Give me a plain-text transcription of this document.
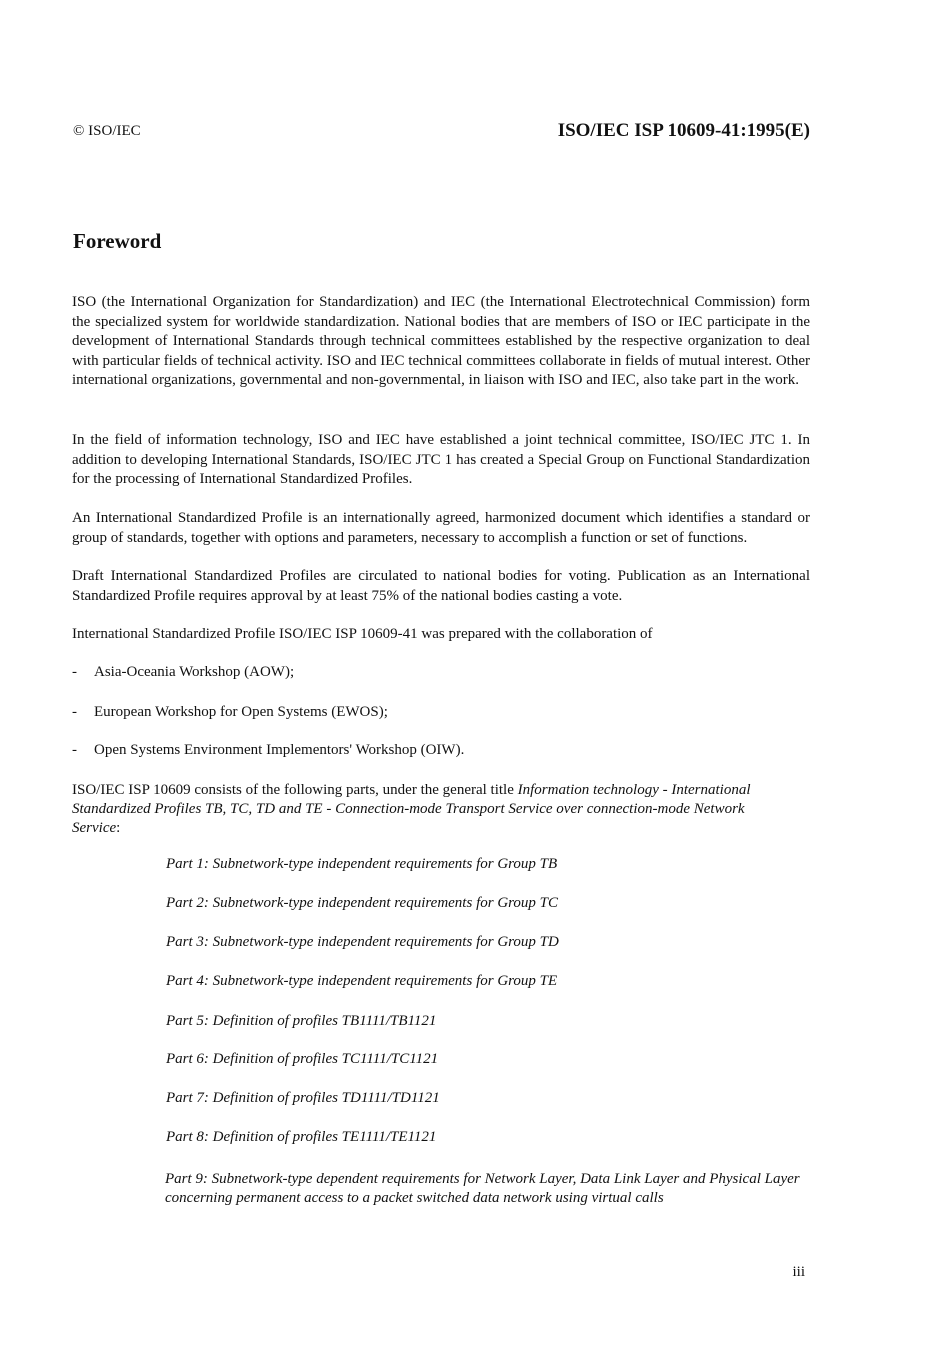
© ISO/IEC	ISO/IEC ISP 10609-41:1995(E)
Foreword

ISO (the International Organization for Standardization) and IEC (the International Electrotechnical Commission) form the specialized system for worldwide standardization. National bodies that are members of ISO or IEC participate in the development of International Standards through technical committees established by the respective organization to deal with particular fields of technical activity. ISO and IEC technical committees collaborate in fields of mutual interest. Other international organizations, governmental and non-governmental, in liaison with ISO and IEC, also take part in the work.

In the field of information technology, ISO and IEC have established a joint technical committee, ISO/IEC JTC 1. In addition to developing International Standards, ISO/IEC JTC 1 has created a Special Group on Functional Standardization for the processing of International Standardized Profiles.

An International Standardized Profile is an internationally agreed, harmonized document which identifies a standard or group of standards, together with options and parameters, necessary to accomplish a function or set of functions.

Draft International Standardized Profiles are circulated to national bodies for voting. Publication as an International Standardized Profile requires approval by at least 75% of the national bodies casting a vote.

International Standardized Profile ISO/IEC ISP 10609-41 was prepared with the collaboration of

- Asia-Oceania Workshop (AOW);
- European Workshop for Open Systems (EWOS);
- Open Systems Environment Implementors' Workshop (OIW).
ISO/IEC ISP 10609 consists of the following parts, under the general title Information technology - International
Standardized Profiles TB, TC, TD and TE - Connection-mode Transport Service over connection-mode Network
Service:
Part 1: Subnetwork-type independent requirements for Group TB
Part 2: Subnetwork-type independent requirements for Group TC
Part 3: Subnetwork-type independent requirements for Group TD
Part 4: Subnetwork-type independent requirements for Group TE
Part 5: Definition of profiles TB1111/TB1121
Part 6: Definition of profiles TC1111/TC1121
Part 7: Definition of profiles TD1111/TD1121
Part 8: Definition of profiles TE1111/TE1121
Part 9: Subnetwork-type dependent requirements for Network Layer, Data Link Layer and Physical Layer concerning permanent access to a packet switched data network using virtual calls
iii
